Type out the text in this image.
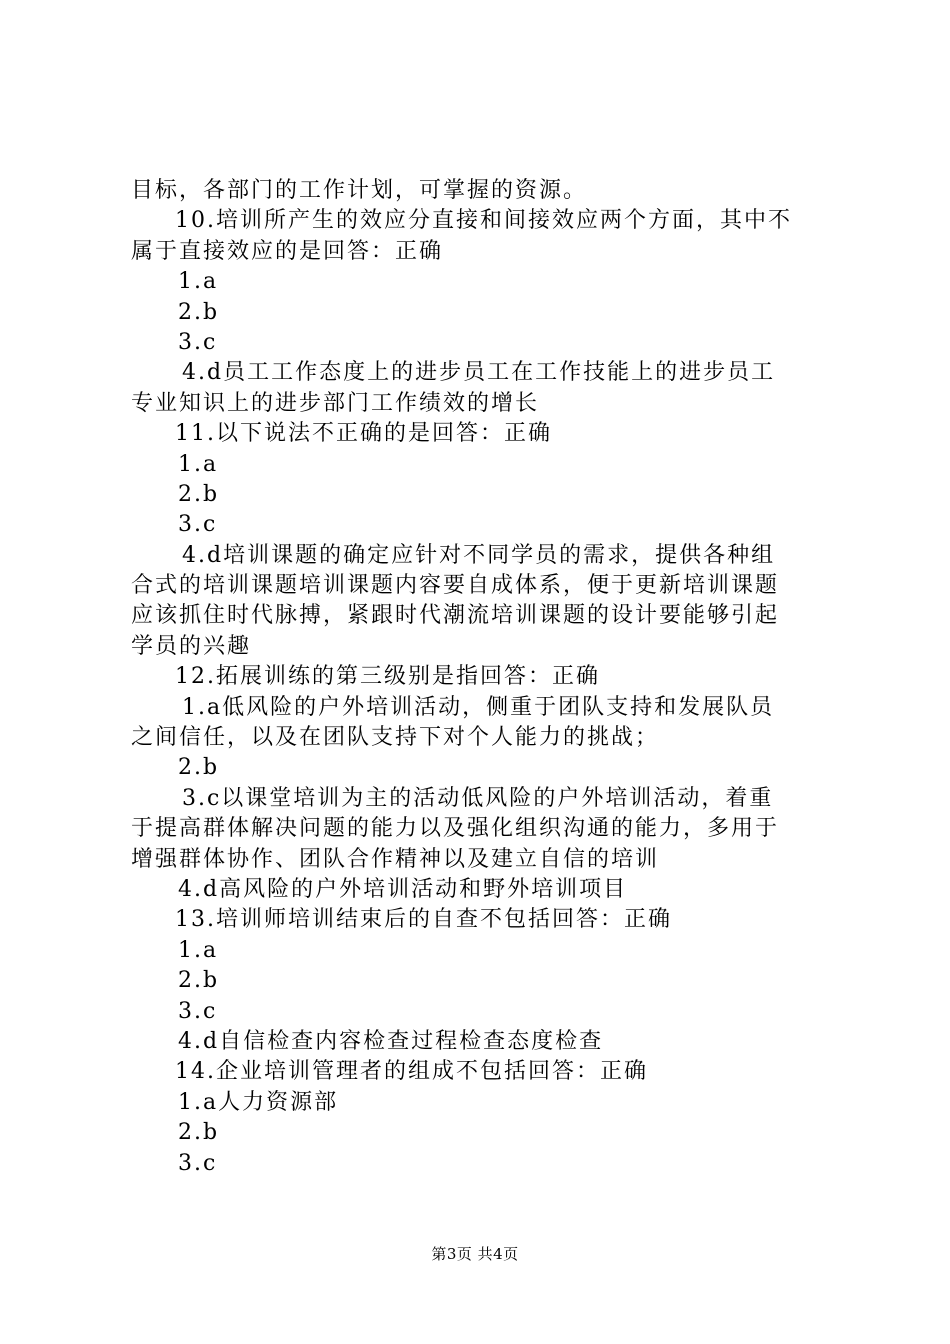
目标，各部门的工作计划，可掌握的资源。
10.培训所产生的效应分直接和间接效应两个方面，其中不
属于直接效应的是回答：正确
1.a
2.b
3.c
4.d员工工作态度上的进步员工在工作技能上的进步员工
专业知识上的进步部门工作绩效的增长
11.以下说法不正确的是回答：正确
1.a
2.b
3.c
4.d培训课题的确定应针对不同学员的需求，提供各种组
合式的培训课题培训课题内容要自成体系，便于更新培训课题
应该抓住时代脉搏，紧跟时代潮流培训课题的设计要能够引起
学员的兴趣
12.拓展训练的第三级别是指回答：正确
1.a低风险的户外培训活动，侧重于团队支持和发展队员
之间信任，以及在团队支持下对个人能力的挑战；
2.b
3.c以课堂培训为主的活动低风险的户外培训活动，着重
于提高群体解决问题的能力以及强化组织沟通的能力，多用于
增强群体协作、团队合作精神以及建立自信的培训
4.d高风险的户外培训活动和野外培训项目
13.培训师培训结束后的自查不包括回答：正确
1.a
2.b
3.c
4.d自信检查内容检查过程检查态度检查
14.企业培训管理者的组成不包括回答：正确
1.a人力资源部
2.b
3.c
第3页 共4页
